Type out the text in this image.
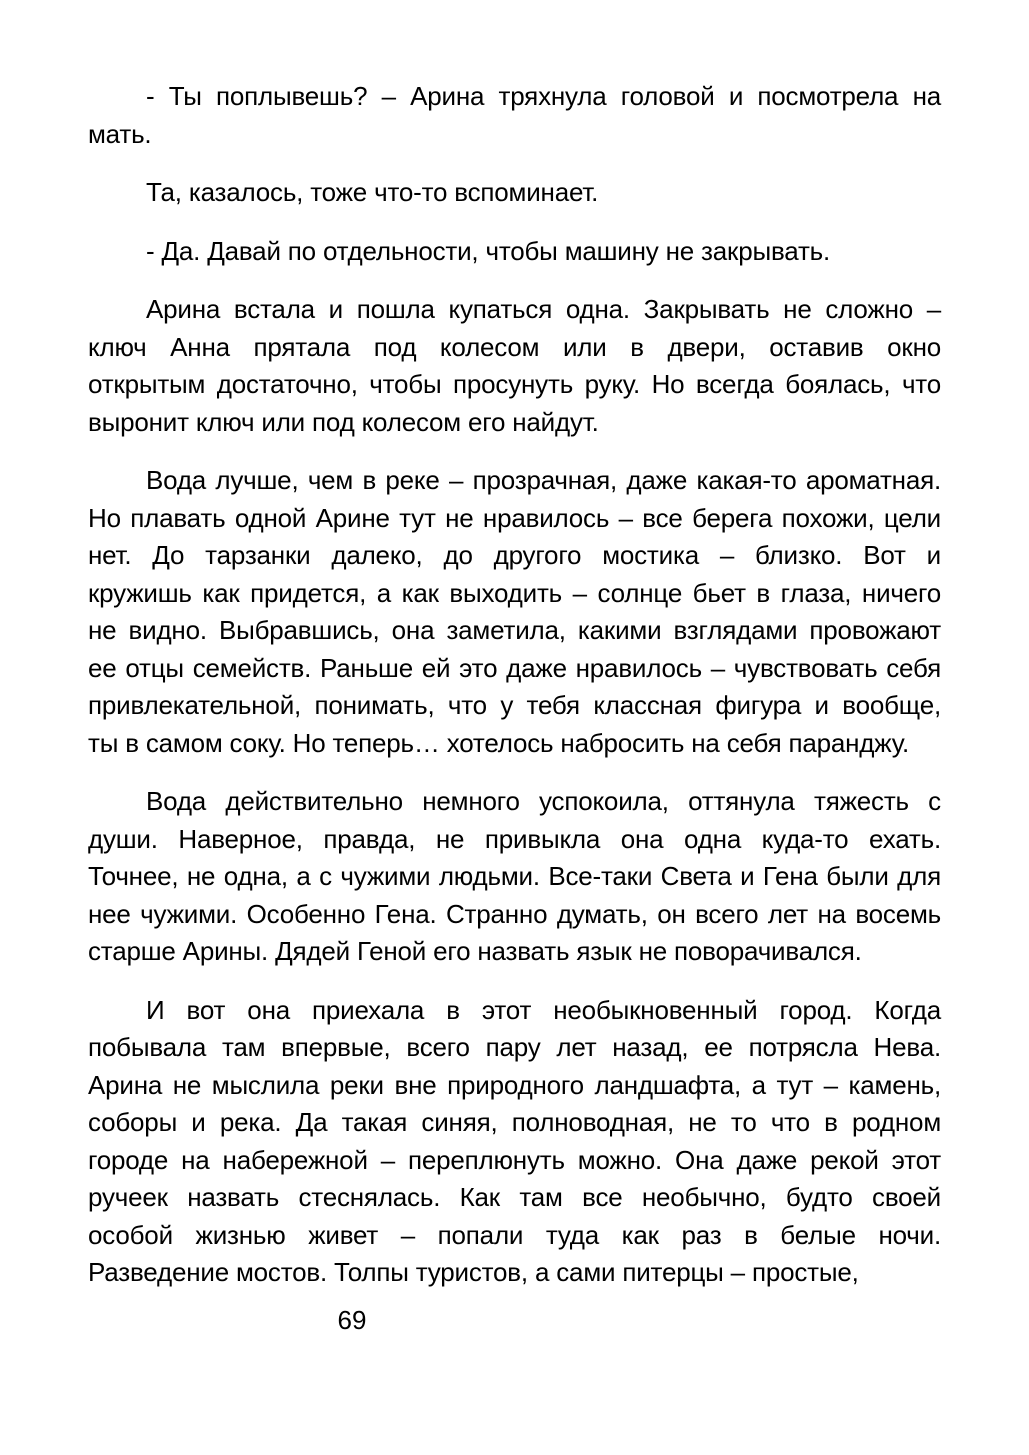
- Ты поплывешь? – Арина тряхнула головой и посмотрела на
мать.
Та, казалось, тоже что-то вспоминает.
- Да. Давай по отдельности, чтобы машину не закрывать.
Арина встала и пошла купаться одна. Закрывать не сложно –
ключ Анна прятала под колесом или в двери, оставив окно
открытым достаточно, чтобы просунуть руку. Но всегда боялась, что
выронит ключ или под колесом его найдут.
Вода лучше, чем в реке – прозрачная, даже какая-то ароматная.
Но плавать одной Арине тут не нравилось – все берега похожи, цели
нет. До тарзанки далеко, до другого мостика – близко. Вот и
кружишь как придется, а как выходить – солнце бьет в глаза, ничего
не видно. Выбравшись, она заметила, какими взглядами провожают
ее отцы семейств. Раньше ей это даже нравилось – чувствовать себя
привлекательной, понимать, что у тебя классная фигура и вообще,
ты в самом соку. Но теперь… хотелось набросить на себя паранджу.
Вода действительно немного успокоила, оттянула тяжесть с
души. Наверное, правда, не привыкла она одна куда-то ехать.
Точнее, не одна, а с чужими людьми. Все-таки Света и Гена были для
нее чужими. Особенно Гена. Странно думать, он всего лет на восемь
старше Арины. Дядей Геной его назвать язык не поворачивался.
И вот она приехала в этот необыкновенный город. Когда
побывала там впервые, всего пару лет назад, ее потрясла Нева.
Арина не мыслила реки вне природного ландшафта, а тут – камень,
соборы и река. Да такая синяя, полноводная, не то что в родном
городе на набережной – переплюнуть можно. Она даже рекой этот
ручеек назвать стеснялась. Как там все необычно, будто своей
особой жизнью живет – попали туда как раз в белые ночи.
Разведение мостов. Толпы туристов, а сами питерцы – простые,
69
